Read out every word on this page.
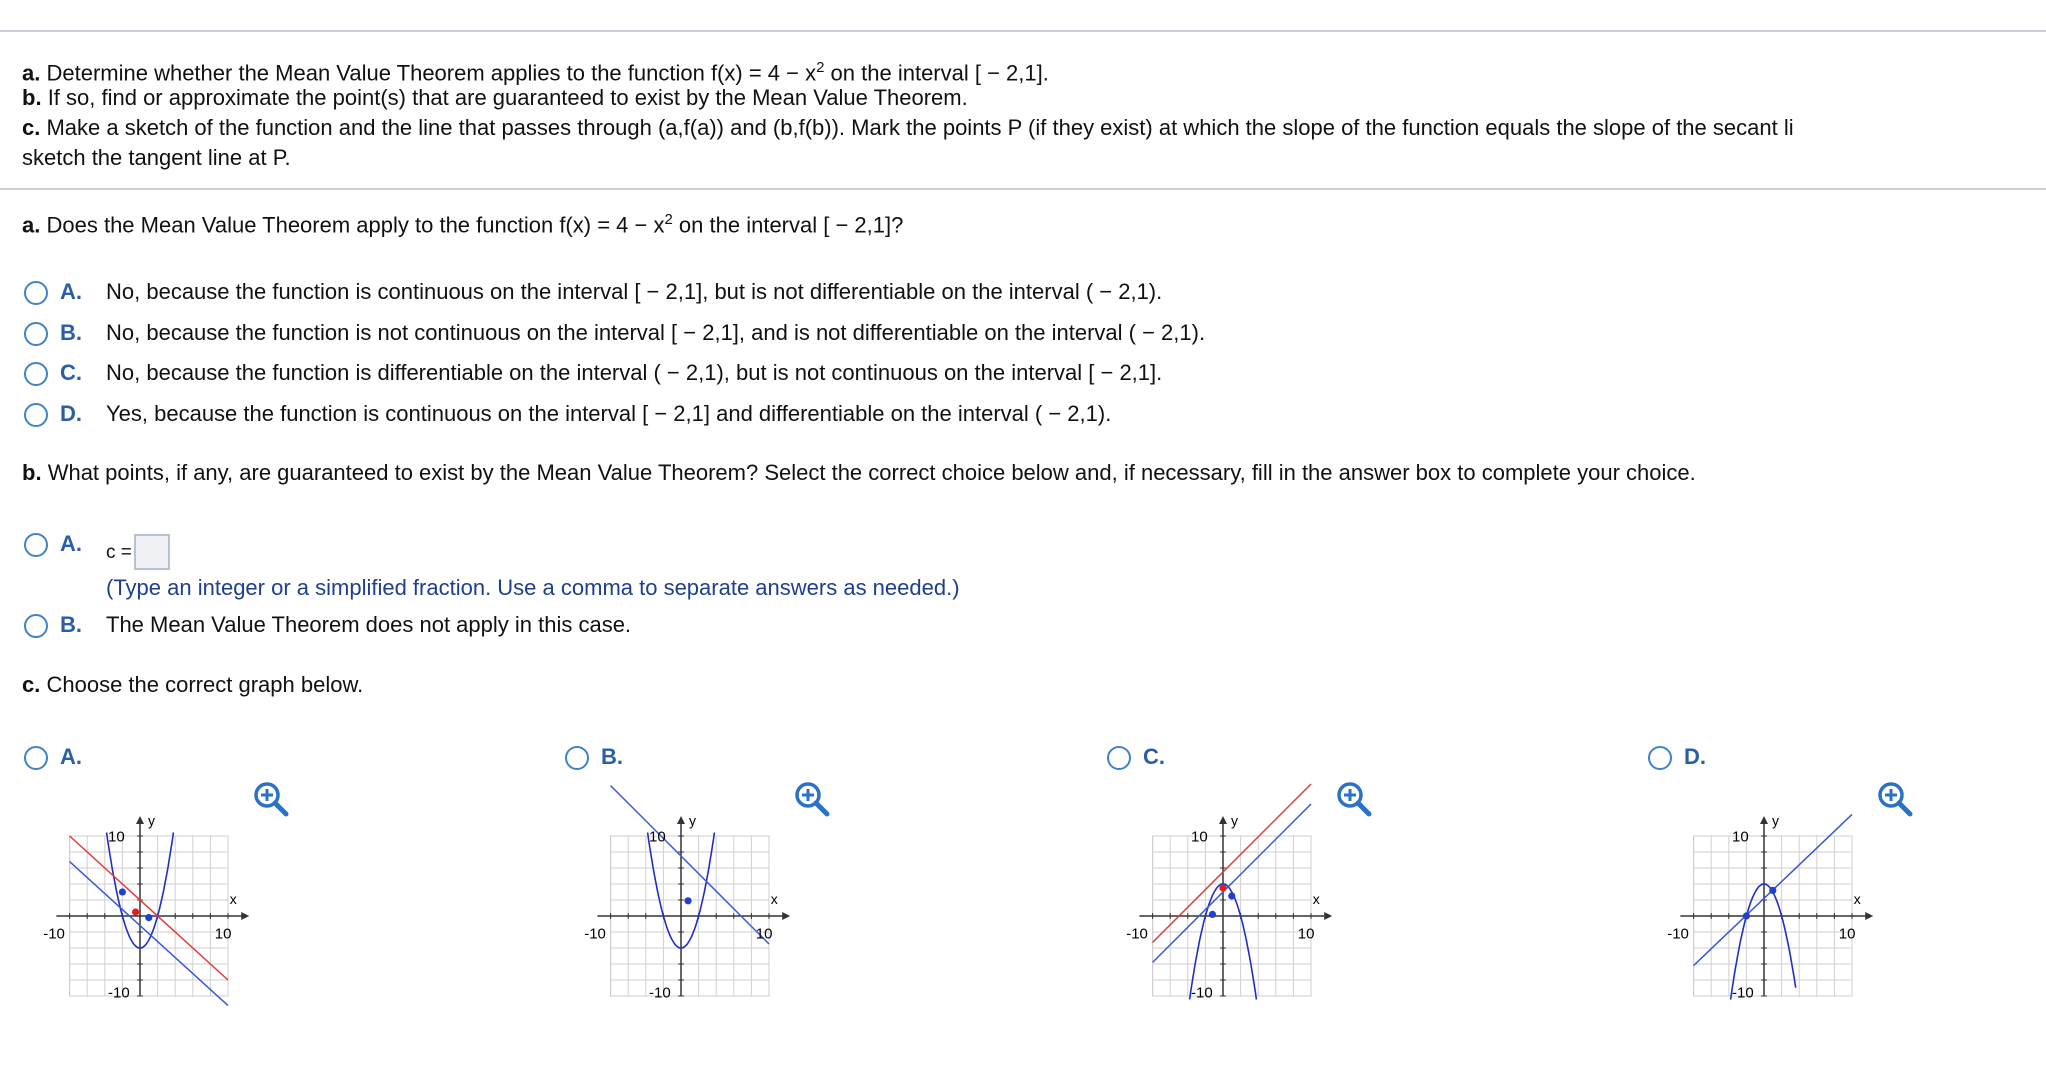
a. Determine whether the Mean Value Theorem applies to the function $f(x) = 4 - x^2$ on the interval [ − 2,1].
b. If so, find or approximate the point(s) that are guaranteed to exist by the Mean Value Theorem.
c. Make a sketch of the function and the line that passes through (a,f(a)) and (b,f(b)). Mark the points P (if they exist) at which the slope of the function equals the slope of the secant li
sketch the tangent line at P.
a. Does the Mean Value Theorem apply to the function $f(x) = 4 - x^2$ on the interval [ − 2,1]?
A. No, because the function is continuous on the interval [ − 2,1], but is not differentiable on the interval ( − 2,1).
B. No, because the function is not continuous on the interval [ − 2,1], and is not differentiable on the interval ( − 2,1).
C. No, because the function is differentiable on the interval ( − 2,1), but is not continuous on the interval [ − 2,1].
D. Yes, because the function is continuous on the interval [ − 2,1] and differentiable on the interval ( − 2,1).
b. What points, if any, are guaranteed to exist by the Mean Value Theorem? Select the correct choice below and, if necessary, fill in the answer box to complete your choice.
A. c =
(Type an integer or a simplified fraction. Use a comma to separate answers as needed.)
B. The Mean Value Theorem does not apply in this case.
c. Choose the correct graph below.
A.
y
x
10
-10
-10	10
B.
y
x
10
-10
-10	10
C.
y
x
10
-10
-10	10
D.
y
x
10
-10
-10	10
